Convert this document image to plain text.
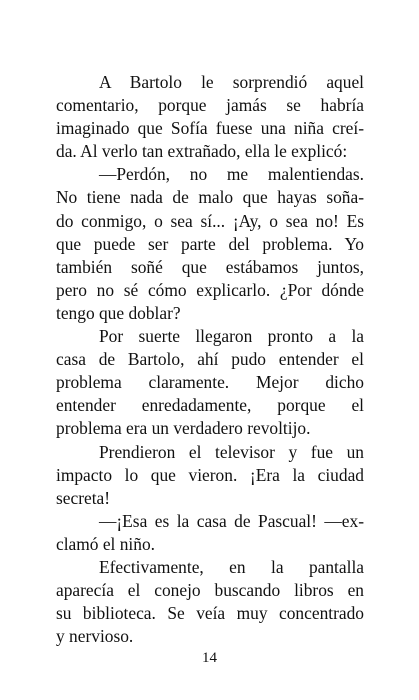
A Bartolo le sorprendió aquel
comentario, porque jamás se habría
imaginado que Sofía fuese una niña creí-
da. Al verlo tan extrañado, ella le explicó:
—Perdón, no me malentiendas.
No tiene nada de malo que hayas soña-
do conmigo, o sea sí... ¡Ay, o sea no! Es
que puede ser parte del problema. Yo
también soñé que estábamos juntos,
pero no sé cómo explicarlo. ¿Por dónde
tengo que doblar?
Por suerte llegaron pronto a la
casa de Bartolo, ahí pudo entender el
problema claramente. Mejor dicho
entender enredadamente, porque el
problema era un verdadero revoltijo.
Prendieron el televisor y fue un
impacto lo que vieron. ¡Era la ciudad
secreta!
—¡Esa es la casa de Pascual! —ex-
clamó el niño.
Efectivamente, en la pantalla
aparecía el conejo buscando libros en
su biblioteca. Se veía muy concentrado
y nervioso.
14
